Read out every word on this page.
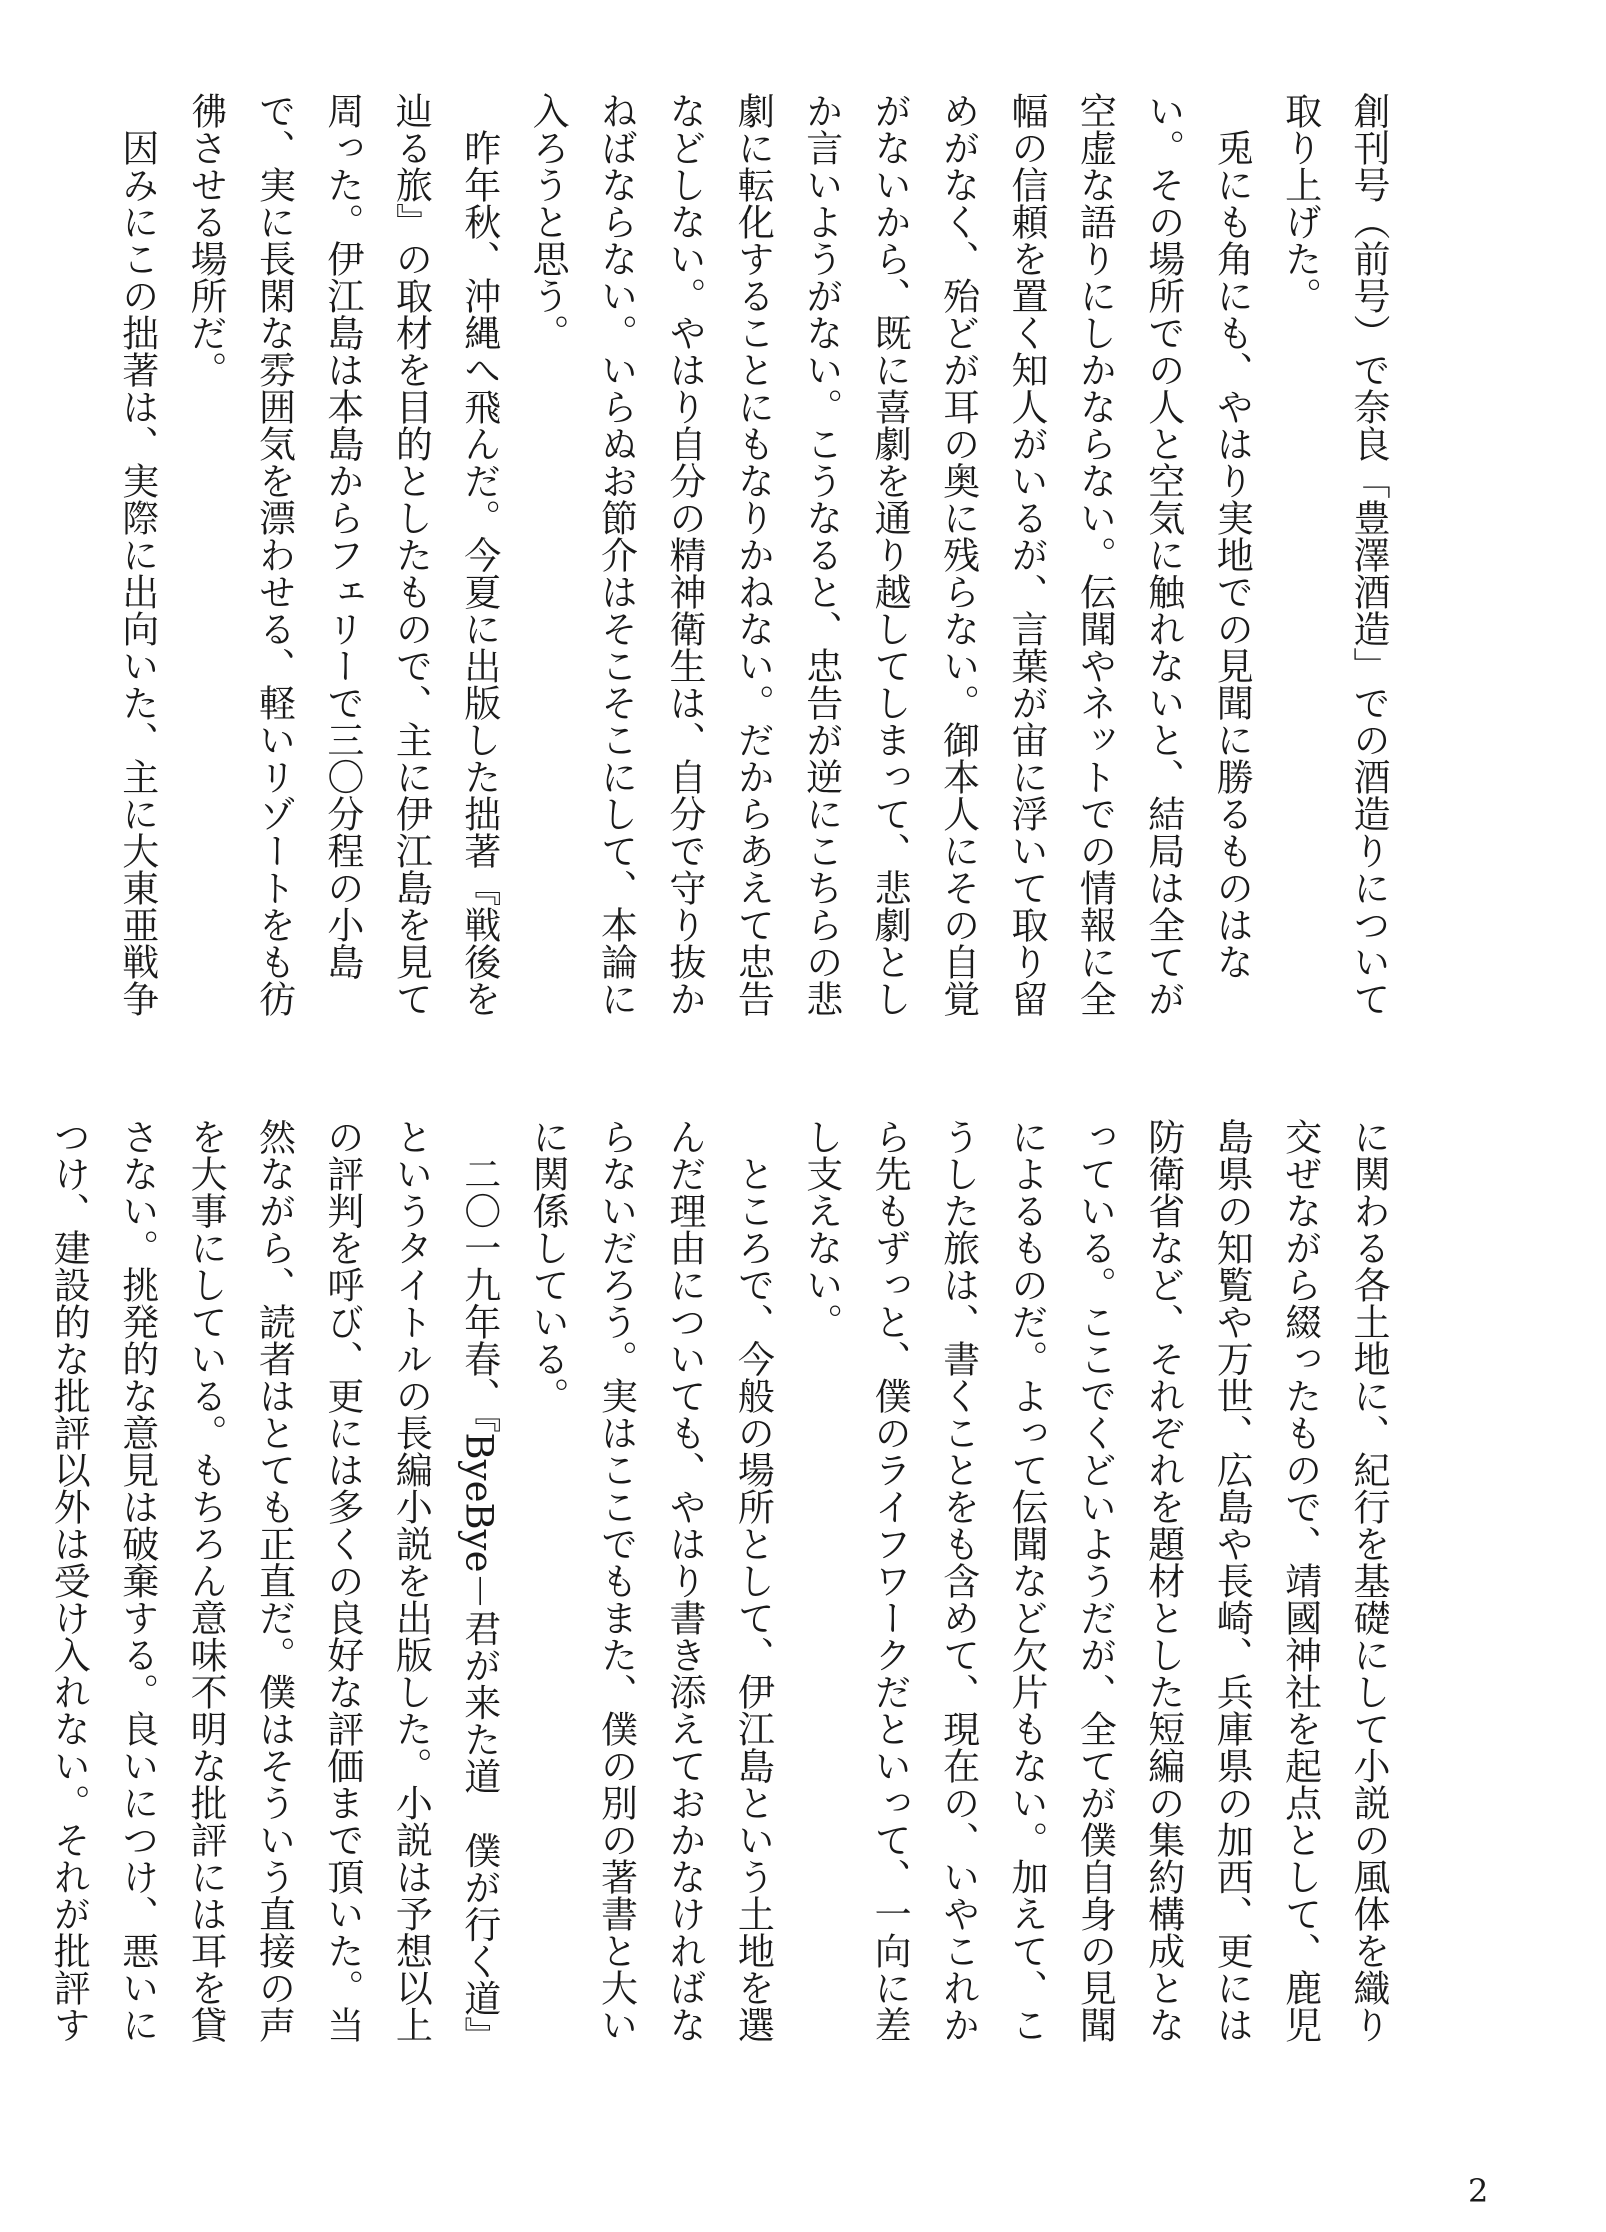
創刊号（前号）で奈良「豊澤酒造」での酒造りについて取り上げた。

　兎にも角にも、やはり実地での見聞に勝るものはない。その場所での人と空気に触れないと、結局は全てが空虚な語りにしかならない。伝聞やネットでの情報に全幅の信頼を置く知人がいるが、言葉が宙に浮いて取り留めがなく、殆どが耳の奥に残らない。御本人にその自覚がないから、既に喜劇を通り越してしまって、悲劇としか言いようがない。こうなると、忠告が逆にこちらの悲劇に転化することにもなりかねない。だからあえて忠告などしない。やはり自分の精神衛生は、自分で守り抜かねばならない。いらぬお節介はそこそこにして、本論に入ろうと思う。

　昨年秋、沖縄へ飛んだ。今夏に出版した拙著『戦後を辿る旅』の取材を目的としたもので、主に伊江島を見て周った。伊江島は本島からフェリーで三〇分程の小島で、実に長閑な雰囲気を漂わせる、軽いリゾートをも彷彿させる場所だ。

　因みにこの拙著は、実際に出向いた、主に大東亜戦争

に関わる各土地に、紀行を基礎にして小説の風体を織り交ぜながら綴ったもので、靖國神社を起点として、鹿児島県の知覧や万世、広島や長崎、兵庫県の加西、更には防衛省など、それぞれを題材とした短編の集約構成となっている。ここでくどいようだが、全てが僕自身の見聞によるものだ。よって伝聞など欠片もない。加えて、こうした旅は、書くことをも含めて、現在の、いやこれから先もずっと、僕のライフワークだといって、一向に差し支えない。

　ところで、今般の場所として、伊江島という土地を選んだ理由についても、やはり書き添えておかなければならないだろう。実はここでもまた、僕の別の著書と大いに関係している。

　二〇一九年春、『ByeBye－君が来た道　僕が行く道』というタイトルの長編小説を出版した。小説は予想以上の評判を呼び、更には多くの良好な評価まで頂いた。当然ながら、読者はとても正直だ。僕はそういう直接の声を大事にしている。もちろん意味不明な批評には耳を貸さない。挑発的な意見は破棄する。良いにつけ、悪いにつけ、建設的な批評以外は受け入れない。それが批評す

2
